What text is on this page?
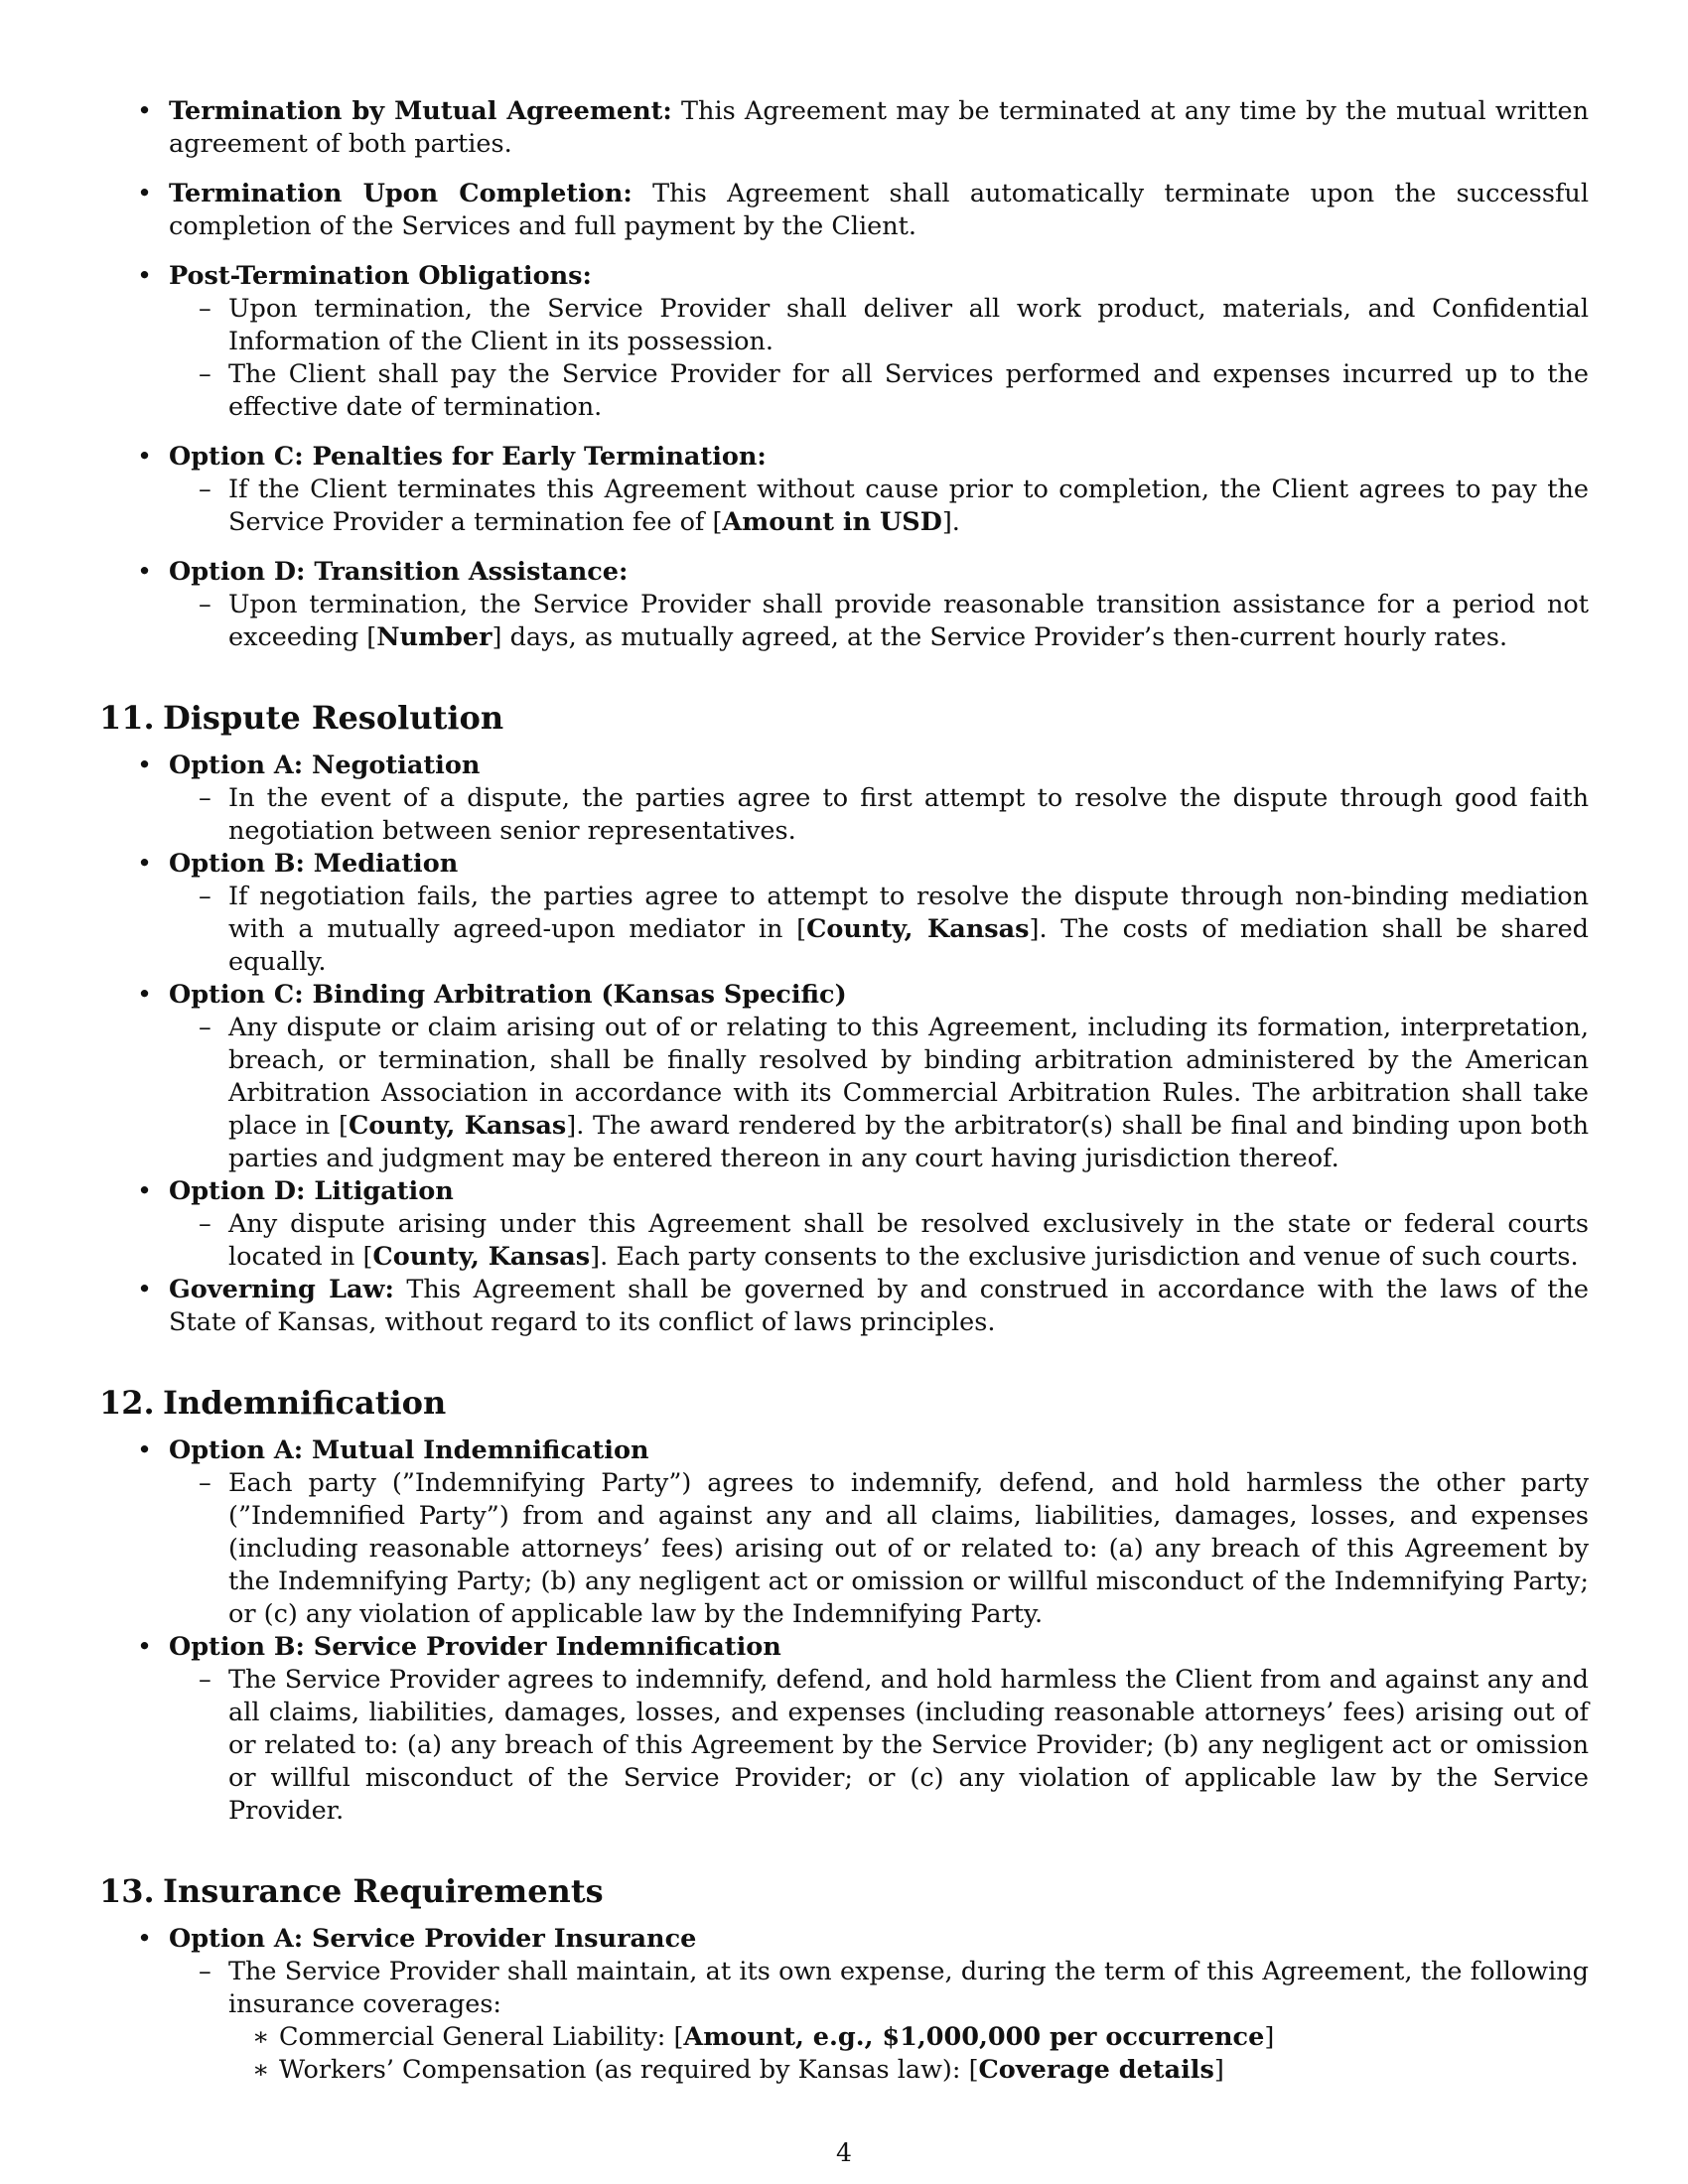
• Termination by Mutual Agreement: This Agreement may be terminated at any time by the mutual written agreement of both parties.

• Termination Upon Completion: This Agreement shall automatically terminate upon the successful completion of the Services and full payment by the Client.

• Post-Termination Obligations:

– Upon termination, the Service Provider shall deliver all work product, materials, and Confidential Information of the Client in its possession.

– The Client shall pay the Service Provider for all Services performed and expenses incurred up to the effective date of termination.

• Option C: Penalties for Early Termination:

– If the Client terminates this Agreement without cause prior to completion, the Client agrees to pay the Service Provider a termination fee of [Amount in USD].

• Option D: Transition Assistance:

– Upon termination, the Service Provider shall provide reasonable transition assistance for a period not exceeding [Number] days, as mutually agreed, at the Service Provider’s then-current hourly rates.

11. Dispute Resolution

• Option A: Negotiation

– In the event of a dispute, the parties agree to first attempt to resolve the dispute through good faith negotiation between senior representatives.

• Option B: Mediation

– If negotiation fails, the parties agree to attempt to resolve the dispute through non-binding mediation with a mutually agreed-upon mediator in [County, Kansas]. The costs of mediation shall be shared equally.

• Option C: Binding Arbitration (Kansas Specific)

– Any dispute or claim arising out of or relating to this Agreement, including its formation, interpretation, breach, or termination, shall be finally resolved by binding arbitration administered by the American Arbitration Association in accordance with its Commercial Arbitration Rules. The arbitration shall take place in [County, Kansas]. The award rendered by the arbitrator(s) shall be final and binding upon both parties and judgment may be entered thereon in any court having jurisdiction thereof.

• Option D: Litigation

– Any dispute arising under this Agreement shall be resolved exclusively in the state or federal courts located in [County, Kansas]. Each party consents to the exclusive jurisdiction and venue of such courts.

• Governing Law: This Agreement shall be governed by and construed in accordance with the laws of the State of Kansas, without regard to its conflict of laws principles.

12. Indemnification

• Option A: Mutual Indemnification

– Each party (”Indemnifying Party”) agrees to indemnify, defend, and hold harmless the other party (”Indemnified Party”) from and against any and all claims, liabilities, damages, losses, and expenses (including reasonable attorneys’ fees) arising out of or related to: (a) any breach of this Agreement by the Indemnifying Party; (b) any negligent act or omission or willful misconduct of the Indemnifying Party; or (c) any violation of applicable law by the Indemnifying Party.

• Option B: Service Provider Indemnification

– The Service Provider agrees to indemnify, defend, and hold harmless the Client from and against any and all claims, liabilities, damages, losses, and expenses (including reasonable attorneys’ fees) arising out of or related to: (a) any breach of this Agreement by the Service Provider; (b) any negligent act or omission or willful misconduct of the Service Provider; or (c) any violation of applicable law by the Service Provider.

13. Insurance Requirements

• Option A: Service Provider Insurance

– The Service Provider shall maintain, at its own expense, during the term of this Agreement, the following insurance coverages:

∗ Commercial General Liability: [Amount, e.g., $1,000,000 per occurrence]

∗ Workers’ Compensation (as required by Kansas law): [Coverage details]

4
